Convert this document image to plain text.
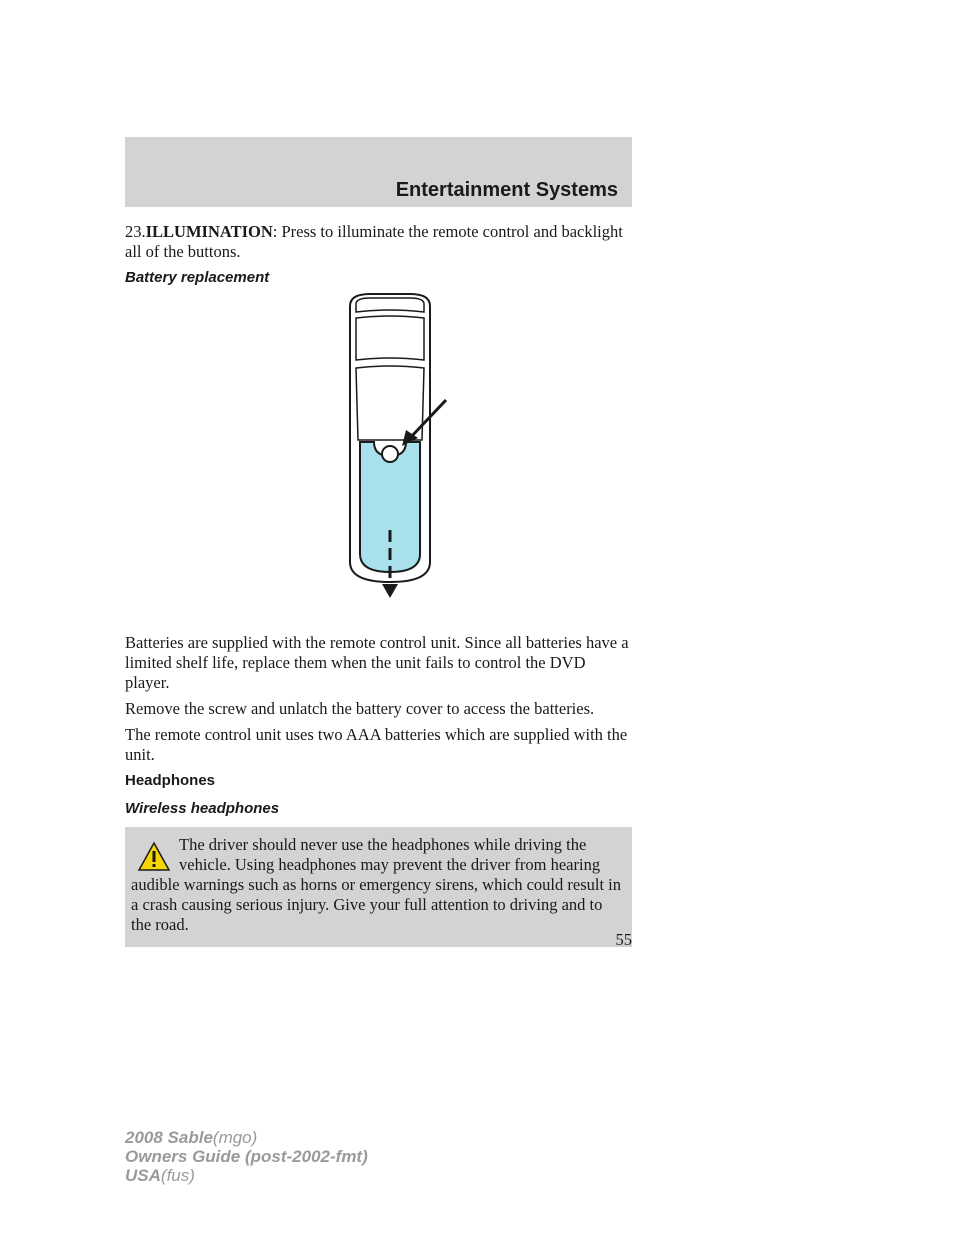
Entertainment Systems

23.ILLUMINATION: Press to illuminate the remote control and backlight all of the buttons.

Battery replacement

Batteries are supplied with the remote control unit. Since all batteries have a limited shelf life, replace them when the unit fails to control the DVD player.

Remove the screw and unlatch the battery cover to access the batteries.

The remote control unit uses two AAA batteries which are supplied with the unit.

Headphones

Wireless headphones

The driver should never use the headphones while driving the vehicle. Using headphones may prevent the driver from hearing audible warnings such as horns or emergency sirens, which could result in a crash causing serious injury. Give your full attention to driving and to the road.
55
2008 Sable(mgo)
Owners Guide (post-2002-fmt)
USA(fus)
